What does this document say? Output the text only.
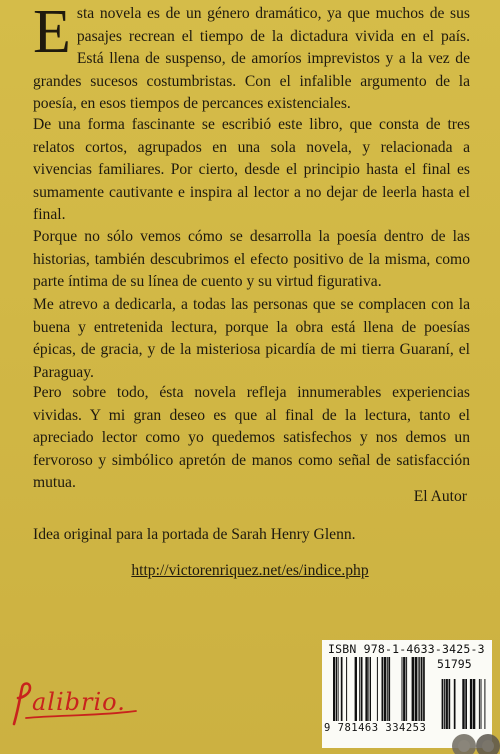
Esta novela es de un género dramático, ya que muchos de sus pasajes recrean el tiempo de la dictadura vivida en el país. Está llena de suspenso, de amoríos imprevistos y a la vez de grandes sucesos costumbristas. Con el infalible argumento de la poesía, en esos tiempos de percances existenciales.

De una forma fascinante se escribió este libro, que consta de tres relatos cortos, agrupados en una sola novela, y relacionada a vivencias familiares. Por cierto, desde el principio hasta el final es sumamente cautivante e inspira al lector a no dejar de leerla hasta el final.

Porque no sólo vemos cómo se desarrolla la poesía dentro de las historias, también descubrimos el efecto positivo de la misma, como parte íntima de su línea de cuento y su virtud figurativa.

Me atrevo a dedicarla, a todas las personas que se complacen con la buena y entretenida lectura, porque la obra está llena de poesías épicas, de gracia, y de la misteriosa picardía de mi tierra Guaraní, el Paraguay.

Pero sobre todo, ésta novela refleja innumerables experiencias vividas. Y mi gran deseo es que al final de la lectura, tanto el apreciado lector como yo quedemos satisfechos y nos demos un fervoroso y simbólico apretón de manos como señal de satisfacción mutua.

El Autor
Idea original para la portada de Sarah Henry Glenn.
http://victorenriquez.net/es/indice.php
alibrio.
ISBN 978-1-4633-3425-3
51795
9 781463 334253
